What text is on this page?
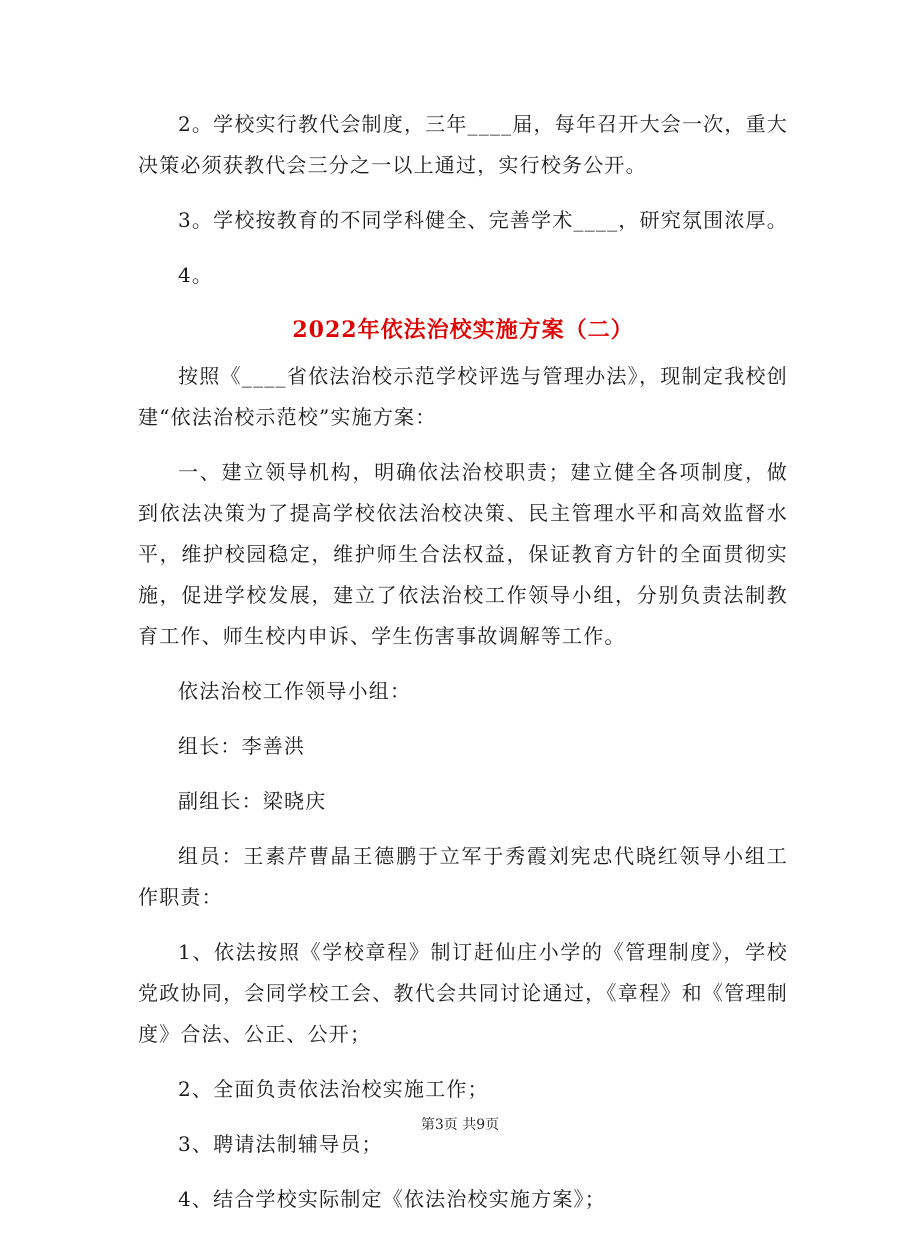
2。学校实行教代会制度，三年____届，每年召开大会一次，重大决策必须获教代会三分之一以上通过，实行校务公开。

3。学校按教育的不同学科健全、完善学术____，研究氛围浓厚。

4。

2022年依法治校实施方案（二）

按照《____省依法治校示范学校评选与管理办法》，现制定我校创建“依法治校示范校”实施方案：

一、建立领导机构，明确依法治校职责；建立健全各项制度，做到依法决策为了提高学校依法治校决策、民主管理水平和高效监督水平，维护校园稳定，维护师生合法权益，保证教育方针的全面贯彻实施，促进学校发展，建立了依法治校工作领导小组，分别负责法制教育工作、师生校内申诉、学生伤害事故调解等工作。

依法治校工作领导小组：

组长：李善洪

副组长：梁晓庆

组员：王素芹曹晶王德鹏于立军于秀霞刘宪忠代晓红领导小组工作职责：

1、依法按照《学校章程》制订赶仙庄小学的《管理制度》，学校党政协同，会同学校工会、教代会共同讨论通过，《章程》和《管理制度》合法、公正、公开；

2、全面负责依法治校实施工作；

3、聘请法制辅导员；

4、结合学校实际制定《依法治校实施方案》；

第3页 共9页
